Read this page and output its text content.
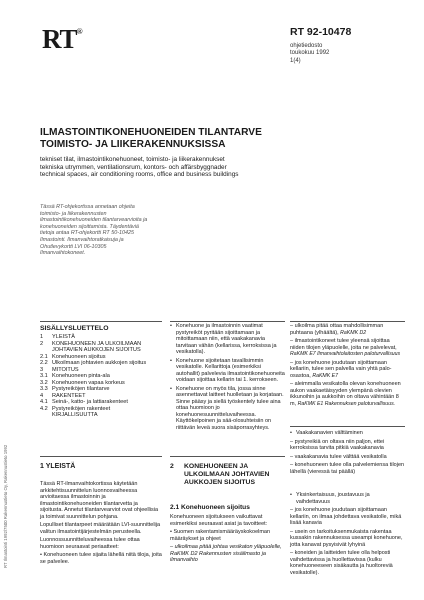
RT®	RT 92-10478
ohjetiedosto
toukokuu 1992
1(4)
ILMASTOINTIKONEHUONEIDEN TILANTARVE
TOIMISTO- JA LIIKERAKENNUKSISSA
tekniset tilat, ilmastointikonehuoneet, toimisto- ja liikerakennukset
tekniska utrymmen, ventilationsrum, kontors- och affärsbyggnader
technical spaces, air conditioning rooms, office and business buildings
Tässä RT-ohjekortissa annetaan ohjeita toimisto- ja liikerakennusten ilmastointikonehuoneiden tilantarvearvioita ja konehuoneiden sijoittamista. Täydentäviä tietoja antaa RT-ohjekortti RT 50-10425 Ilmastointi. Ilmanvaihtoratkaisuja ja Ohutlevykortti LVI 06-10305 Ilmanvaihtokoneet.
RT Ilmastointi 1992/7500 Rakennustieto Oy, Rakennustieto 1992
SISÄLLYSLUETTELO
1	YLEISTÄ
2	KONEHUONEEN JA ULKOILMAAN JOHTAVIEN AUKKOJEN SIJOITUS
2.1 Konehuoneen sijoitus
2.2 Ulkoilmaan johtavien aukkojen sijoitus
3	MITOITUS
3.1 Konehuoneen pinta-ala
3.2 Konehuoneen vapaa korkeus
3.3 Pystyreiköjen tilantarve
4	RAKENTEET
4.1 Seinä-, katto- ja lattiarakenteet
4.2 Pystyreiköjen rakenteet
KIRJALLISUUTTA
• Konehuone ja ilmastoinnin vaatimat pystyreiköt pyritään sijoittamaan ja mitoittamaan niin, että vaakakanavia tarvitaan vähän (kellarissa, kerroksissa ja vesikatolla).
• Konehuone sijoitetaan tavallisimmin vesikatolle. Kellarittoja (esimerkiksi autohallit) palvelevia ilmastointikonehuoneita voidaan sijoittaa kellarin tai 1. kerrokseen.
• Konehuone on myös tila, jossa sinne asennettavat laitteet huolletaan ja korjataan. Sinne pääsy ja siellä työskentely tulee aina ottaa huomioon jo konehuonesuunnitteluvaiheessa. Käyttökelpoinen ja sää-olosuhteisiin on riittävän leveä suora sisäporrasyhteys.
– ulkoilma pitää ottaa mahdollisimman puhtaana (ylhäältä), RaKMK D2
– ilmastointikoneet tulee yleensä sijoittaa niiden tilojen yläpuolelle, joita ne palvelevat, RaKMK E7 Ilmanvaihtolaitosten paloturvallisuus
– jos konehuone joudutaan sijoittamaan kellariin, tulee sen palvella vain yhtä palo-osastoa, RaKMK E7
– aleimmalla vesikatolla olevan konehuoneen aukon vaakaetäisyyden ylempänä olevien ikkunoihin ja aukkoihin on oltava vähintään 8 m, RaKMK E1 Rakennuksen paloturvallisuus.
1 YLEISTÄ

Tässä RT-ilmanvaihtokortissa käytetään arkkitehtisuunnittelun luonnosvaiheessa arvioitaessa ilmastoinnin ja ilmastointikonehuoneiden tilantarvetta ja sijoitusta. Annetut tilantarvearviot ovat ohjeellisia ja toimivat suunnittelun pohjana.

Lopulliset tilantarpeet määrätään LVI-suunnittelija valitun ilmastointijärjestelmän perusteella.

Luonnossuunnitteluvaiheessa tulee ottaa huomioon seuraavat periaatteet:

• Konehuoneen tulee sijaita lähellä niitä tiloja, joita se palvelee.

2	KONEHUONEEN JA ULKOILMAAN JOHTAVIEN AUKKOJEN SIJOITUS
2.1 Konehuoneen sijoitus

Konehuoneen sijoitukseen vaikuttavat esimerkiksi seuraavat asiat ja tavoitteet:

• Suomen rakentamismääräyskokoelman määräykset ja ohjeet

– ulkoilmaa pitää johtaa vesikaton yläpuolelle, RaKMK D2 Rakennusten sisäilmasto ja ilmanvaihto

• Vaakakanavien välttäminen
– pystyreikiä on oltava niin paljon, ettei kerroksissa tarvita pitkiä vaakakanavia
– vaakakanavia tulee välttää vesikatolla
– konehuoneen tulee olla palvelemiensa tilojen lähellä (vieressä tai päällä)
• Yksinkertaisuus, joustavuus ja vaihdettavuus
– jos konehuone joudutaan sijoittamaan kellariin, on ilmaa johdettava vesikatolle, mikä lisää kanavia
– usein on tarkoituksenmukaista rakentaa kussakin rakennuksessa useampi konehuone, jotta kanavat pysyisivät lyhyinä
– koneiden ja laitteiden tulee olla helposti vaihdettavissa ja huollettavissa (kulku konehuoneeseen sisäkautta ja huoltoreviä vesikatolle).
